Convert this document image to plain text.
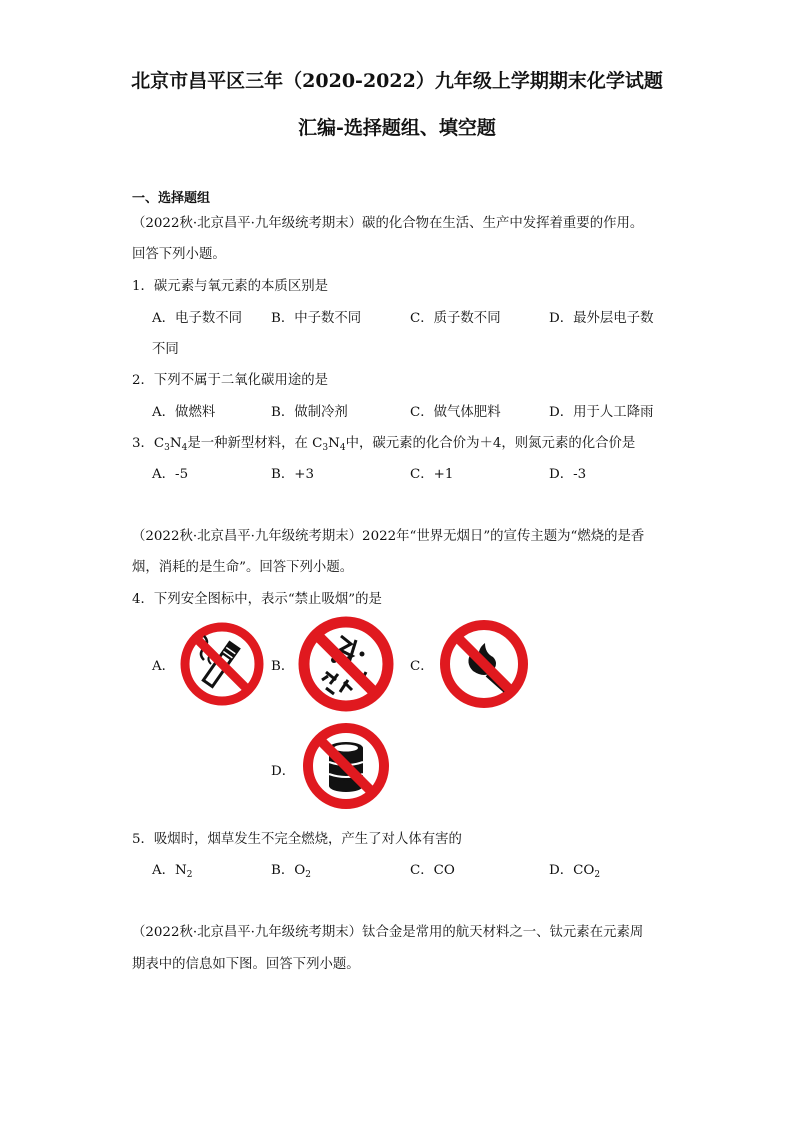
北京市昌平区三年（2020-2022）九年级上学期期末化学试题
汇编-选择题组、填空题
一、选择题组
（2022秋·北京昌平·九年级统考期末）碳的化合物在生活、生产中发挥着重要的作用。
回答下列小题。
1．碳元素与氧元素的本质区别是
A．电子数不同 B．中子数不同	C．质子数不同	D．最外层电子数
不同
2．下列不属于二氧化碳用途的是
A．做燃料	B．做制冷剂	C．做气体肥料	D．用于人工降雨
3．$C_3N_4$是一种新型材料，在 $C_3N_4$中，碳元素的化合价为＋4，则氮元素的化合价是
A．-5	B．+3	C．+1	D．-3
（2022秋·北京昌平·九年级统考期末）2022年“世界无烟日”的宣传主题为“燃烧的是香
烟，消耗的是生命”。回答下列小题。
4．下列安全图标中，表示“禁止吸烟”的是
A．	B．	C．
D．
5．吸烟时，烟草发生不完全燃烧，产生了对人体有害的
A．$N_2$	B．$O_2$	C．CO	D．$CO_2$
（2022秋·北京昌平·九年级统考期末）钛合金是常用的航天材料之一、钛元素在元素周
期表中的信息如下图。回答下列小题。
